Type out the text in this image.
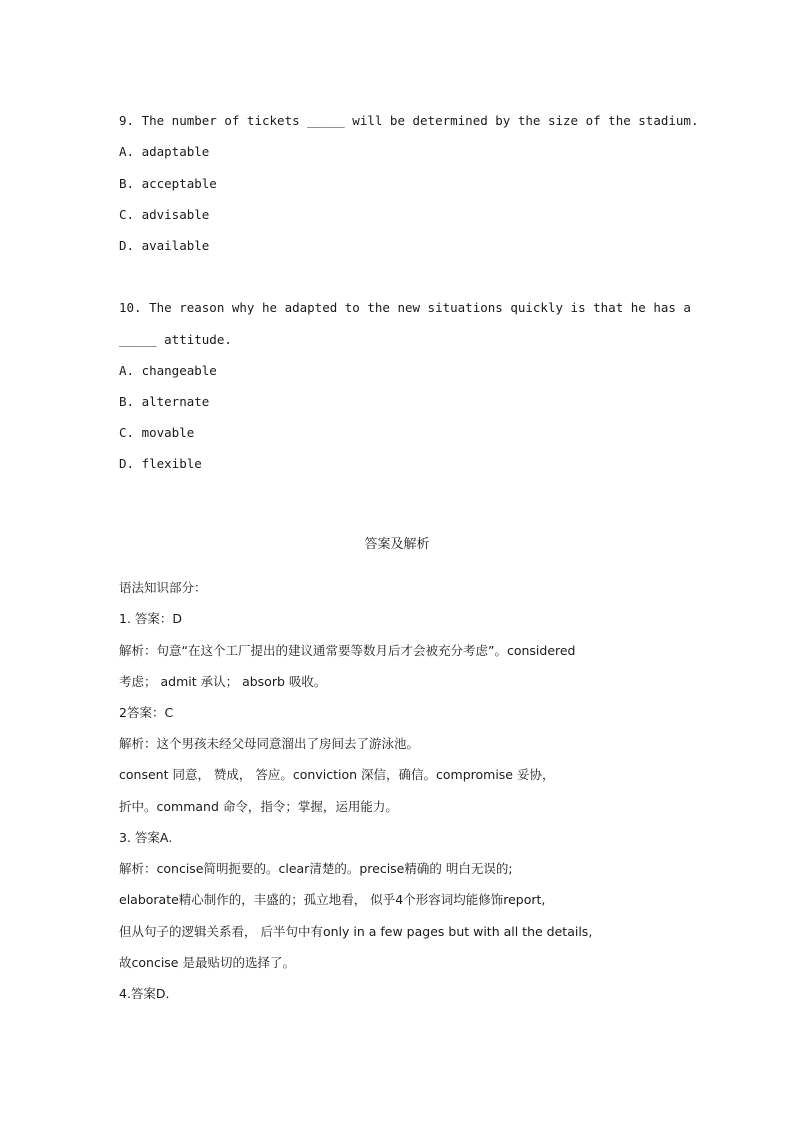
9. The number of tickets _____ will be determined by the size of the stadium.
A. adaptable
B. acceptable
C. advisable
D. available
10. The reason why he adapted to the new situations quickly is that he has a
_____ attitude.
A. changeable
B. alternate
C. movable
D. flexible
答案及解析
语法知识部分：
1. 答案：D
解析：句意“在这个工厂提出的建议通常要等数月后才会被充分考虑”。considered
考虑； admit 承认； absorb 吸收。
2答案：C
解析：这个男孩未经父母同意溜出了房间去了游泳池。
consent 同意， 赞成， 答应。conviction 深信，确信。compromise 妥协，
折中。command 命令，指令；掌握，运用能力。
3. 答案A.
解析：concise简明扼要的。clear清楚的。precise精确的 明白无误的;
elaborate精心制作的，丰盛的；孤立地看， 似乎4个形容词均能修饰report,
但从句子的逻辑关系看， 后半句中有only in a few pages but with all the details,
故concise 是最贴切的选择了。
4.答案D.
